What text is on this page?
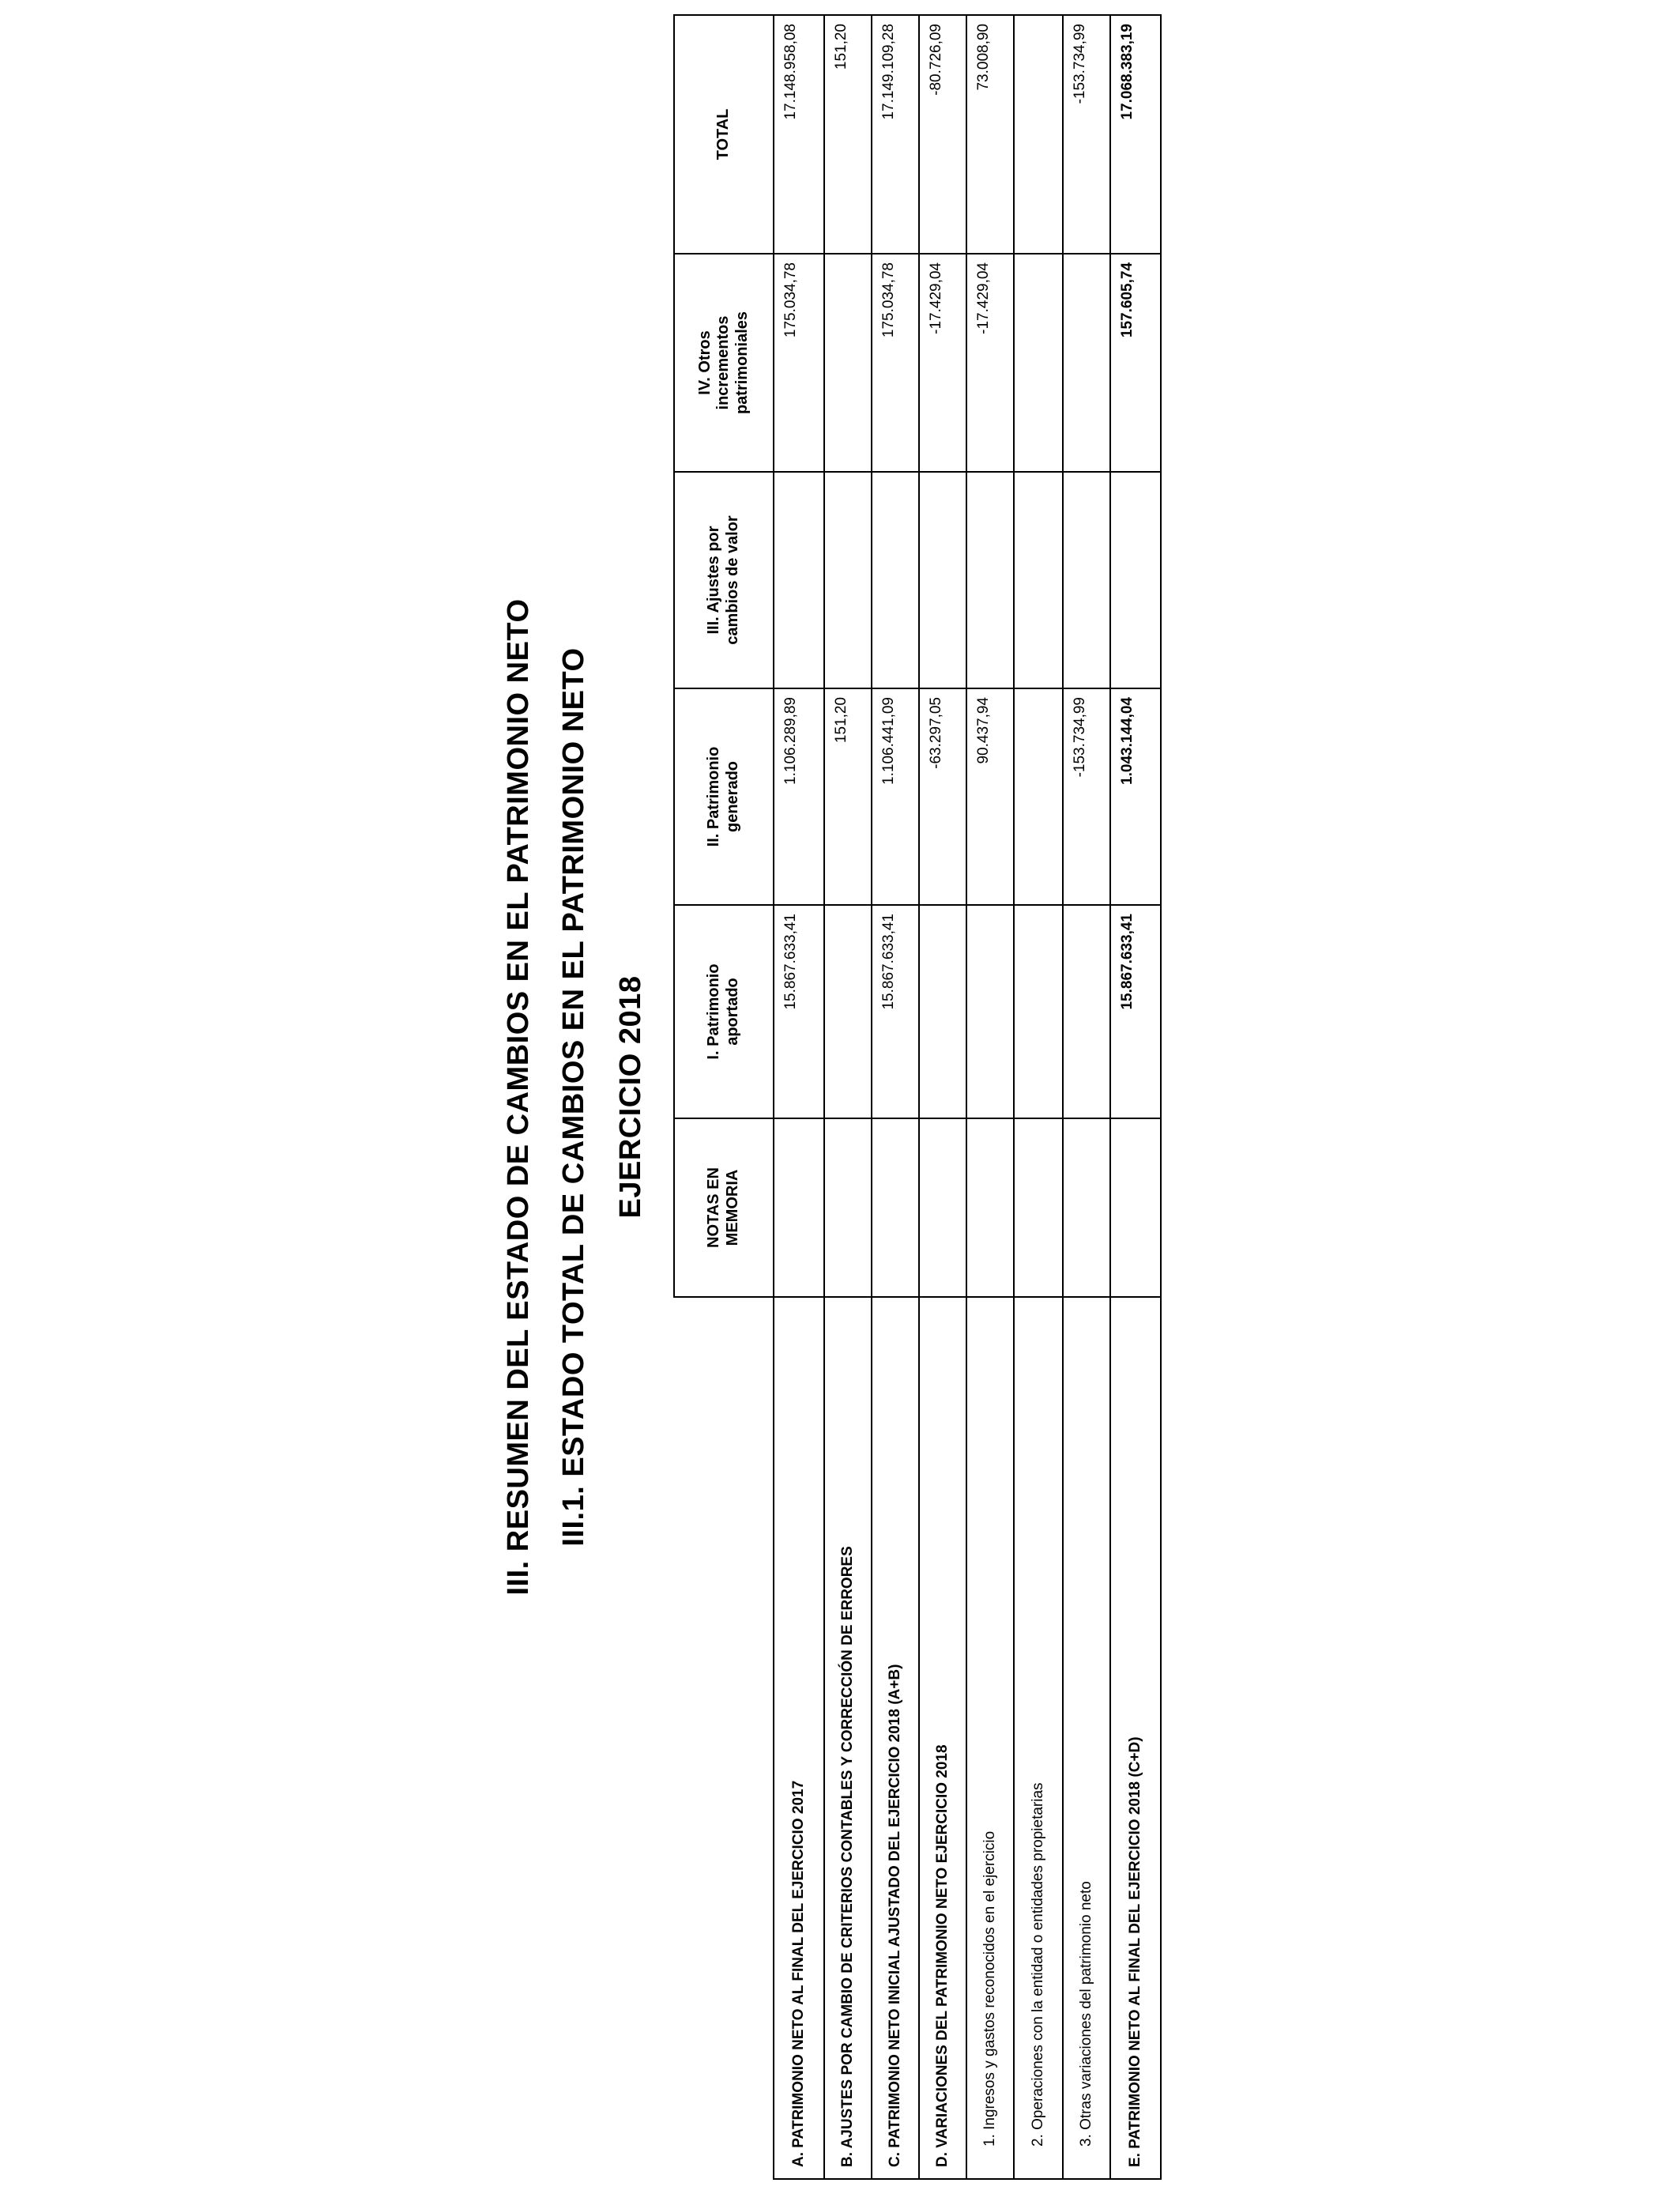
III. RESUMEN DEL ESTADO DE CAMBIOS EN EL PATRIMONIO NETO III.1. ESTADO TOTAL DE CAMBIOS EN EL PATRIMONIO NETO EJERCICIO 2018
		NOTAS EN MEMORIA	I. Patrimonio aportado	II. Patrimonio generado	III. Ajustes por cambios de valor	IV. Otros incrementos patrimoniales	TOTAL
A. PATRIMONIO NETO AL FINAL DEL EJERCICIO 2017		15.867.633,41	1.106.289,89		175.034,78	17.148.958,08
B. AJUSTES POR CAMBIO DE CRITERIOS CONTABLES Y CORRECCIÓN DE ERRORES			151,20			151,20
C. PATRIMONIO NETO INICIAL AJUSTADO DEL EJERCICIO 2018 (A+B)		15.867.633,41	1.106.441,09		175.034,78	17.149.109,28
D. VARIACIONES DEL PATRIMONIO NETO EJERCICIO 2018			-63.297,05		-17.429,04	-80.726,09
1. Ingresos y gastos reconocidos en el ejercicio			90.437,94		-17.429,04	73.008,90
2. Operaciones con la entidad o entidades propietarias						
3. Otras variaciones del patrimonio neto			-153.734,99			-153.734,99
E. PATRIMONIO NETO AL FINAL DEL EJERCICIO 2018 (C+D)		15.867.633,41	1.043.144,04		157.605,74	17.068.383,19
